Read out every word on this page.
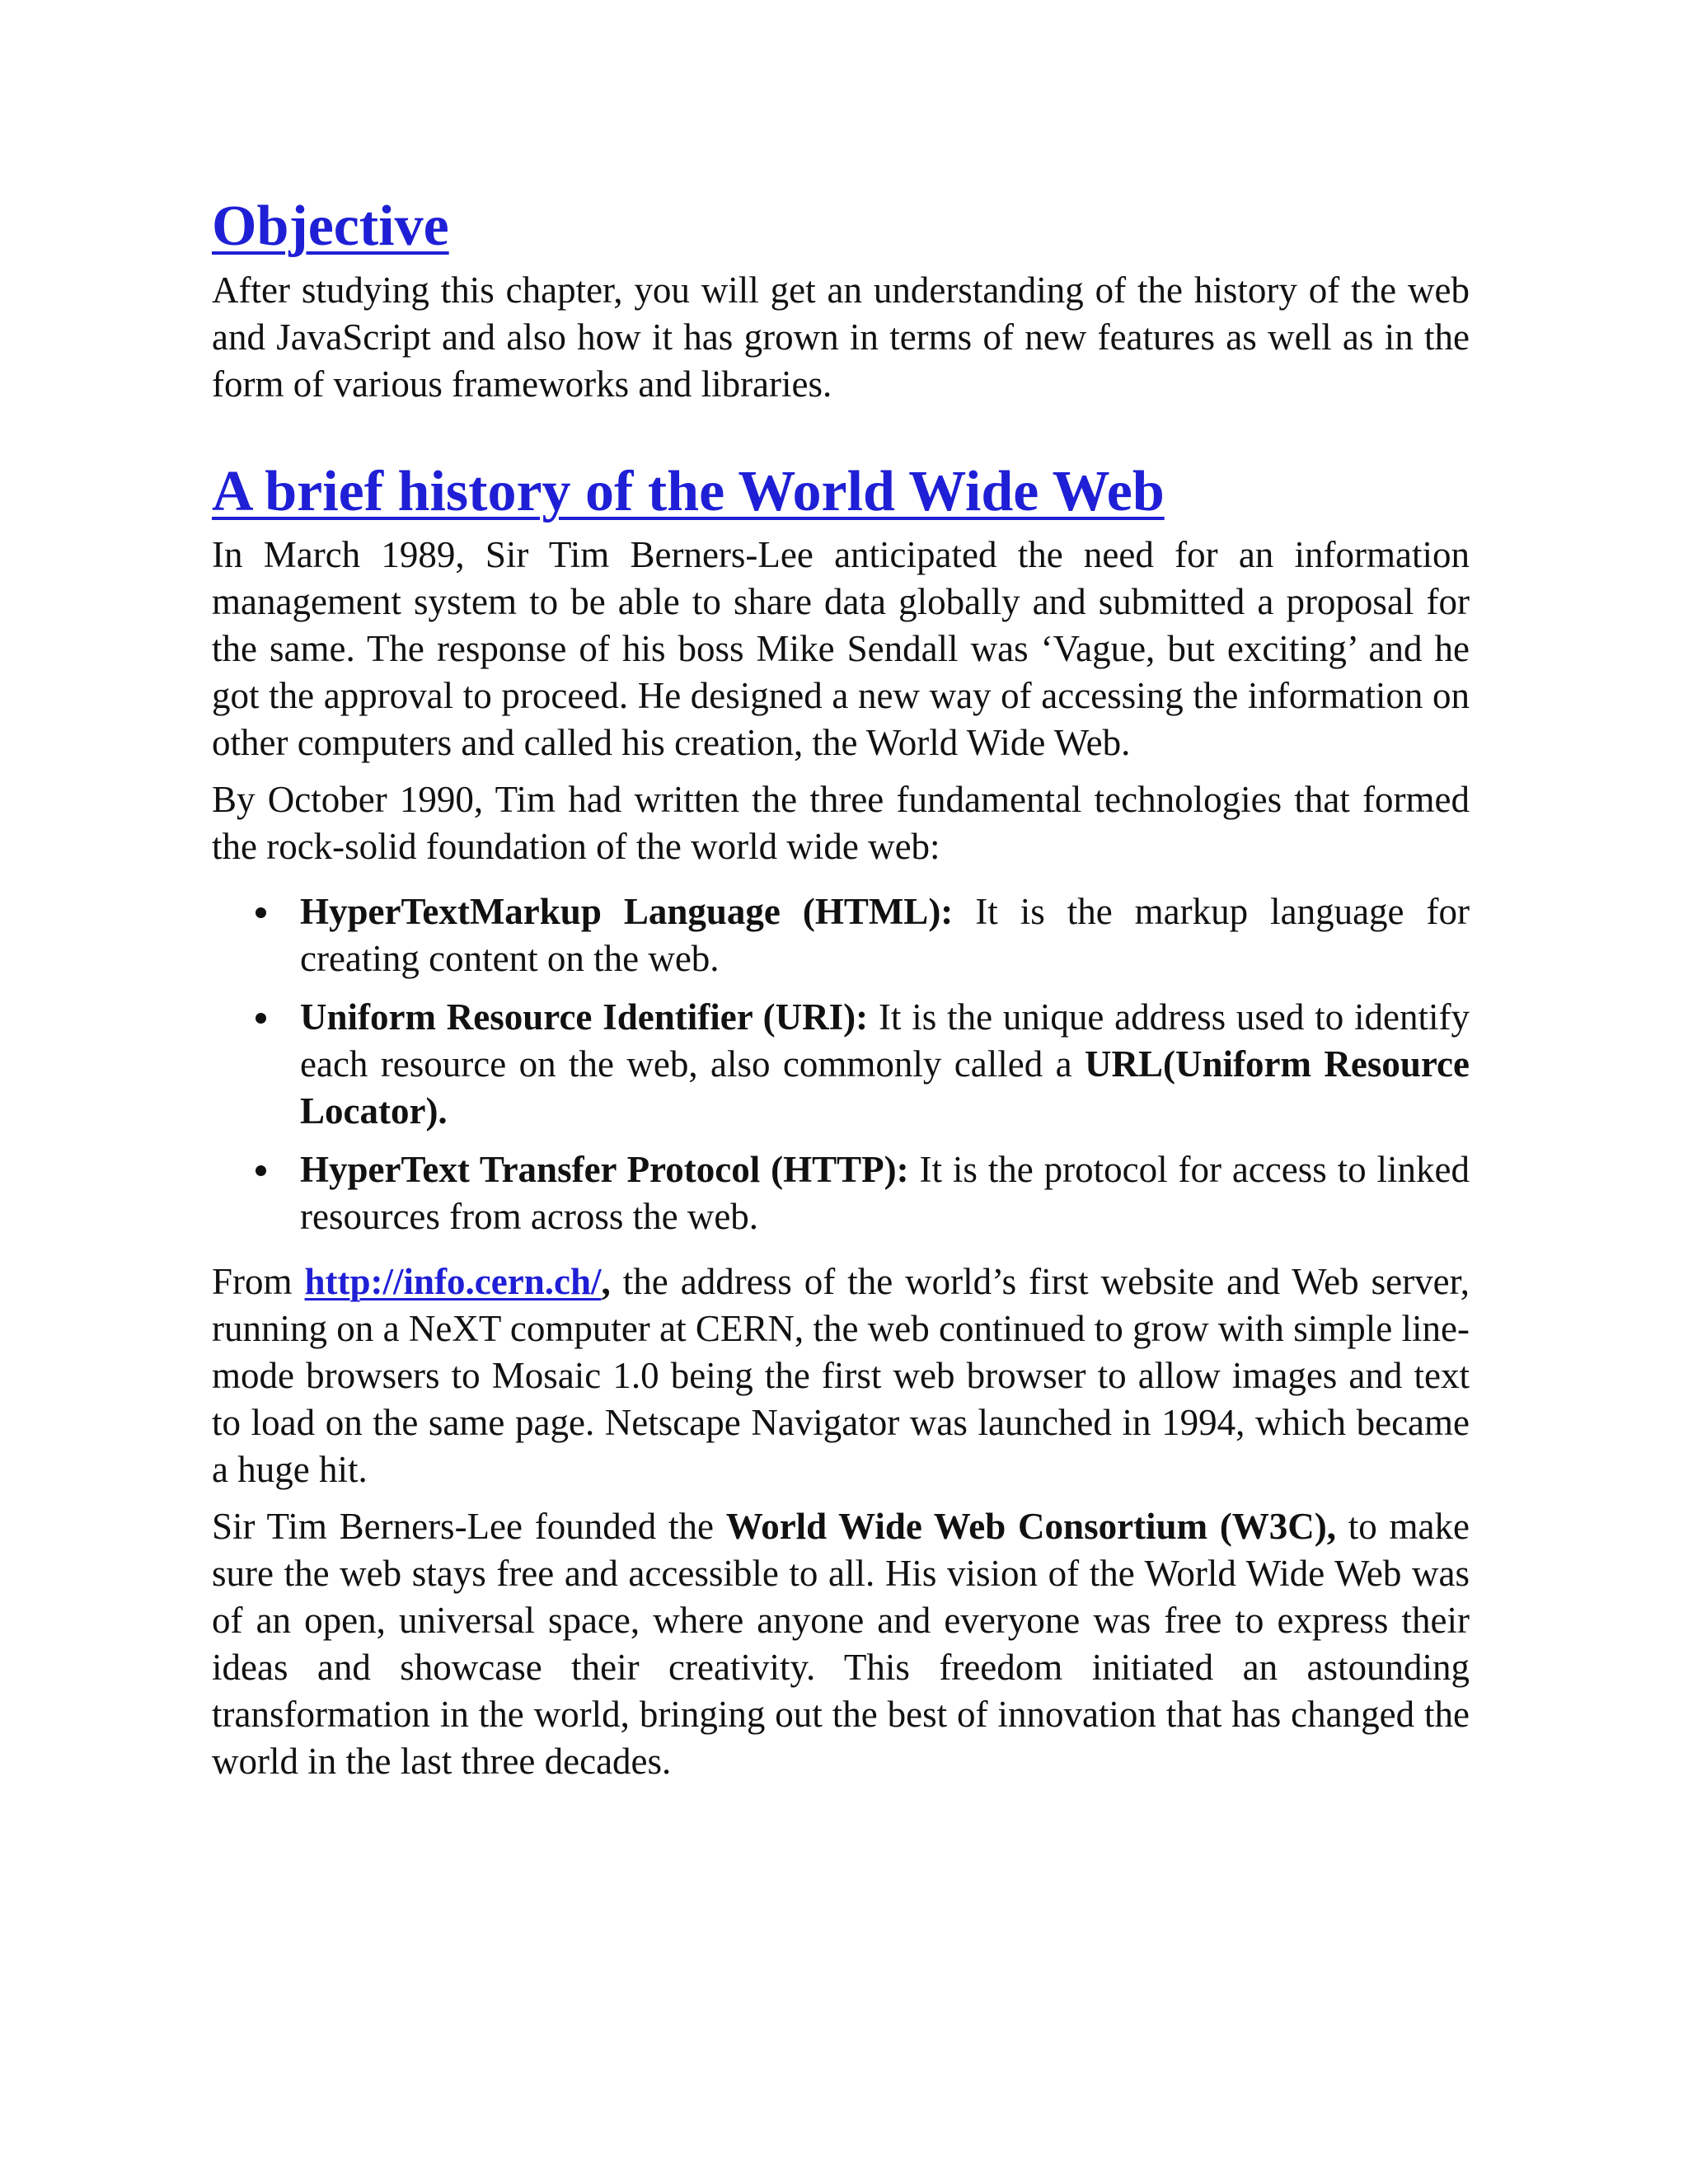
Objective

After studying this chapter, you will get an understanding of the history of the web and JavaScript and also how it has grown in terms of new features as well as in the form of various frameworks and libraries.

A brief history of the World Wide Web

In March 1989, Sir Tim Berners-Lee anticipated the need for an information management system to be able to share data globally and submitted a proposal for the same. The response of his boss Mike Sendall was ‘Vague, but exciting’ and he got the approval to proceed. He designed a new way of accessing the information on other computers and called his creation, the World Wide Web.

By October 1990, Tim had written the three fundamental technologies that formed the rock-solid foundation of the world wide web:

HyperTextMarkup Language (HTML): It is the markup language for creating content on the web.
Uniform Resource Identifier (URI): It is the unique address used to identify each resource on the web, also commonly called a URL(Uniform Resource Locator).
HyperText Transfer Protocol (HTTP): It is the protocol for access to linked resources from across the web.

From http://info.cern.ch/, the address of the world’s first website and Web server, running on a NeXT computer at CERN, the web continued to grow with simple line-mode browsers to Mosaic 1.0 being the first web browser to allow images and text to load on the same page. Netscape Navigator was launched in 1994, which became a huge hit.

Sir Tim Berners-Lee founded the World Wide Web Consortium (W3C), to make sure the web stays free and accessible to all. His vision of the World Wide Web was of an open, universal space, where anyone and everyone was free to express their ideas and showcase their creativity. This freedom initiated an astounding transformation in the world, bringing out the best of innovation that has changed the world in the last three decades.
